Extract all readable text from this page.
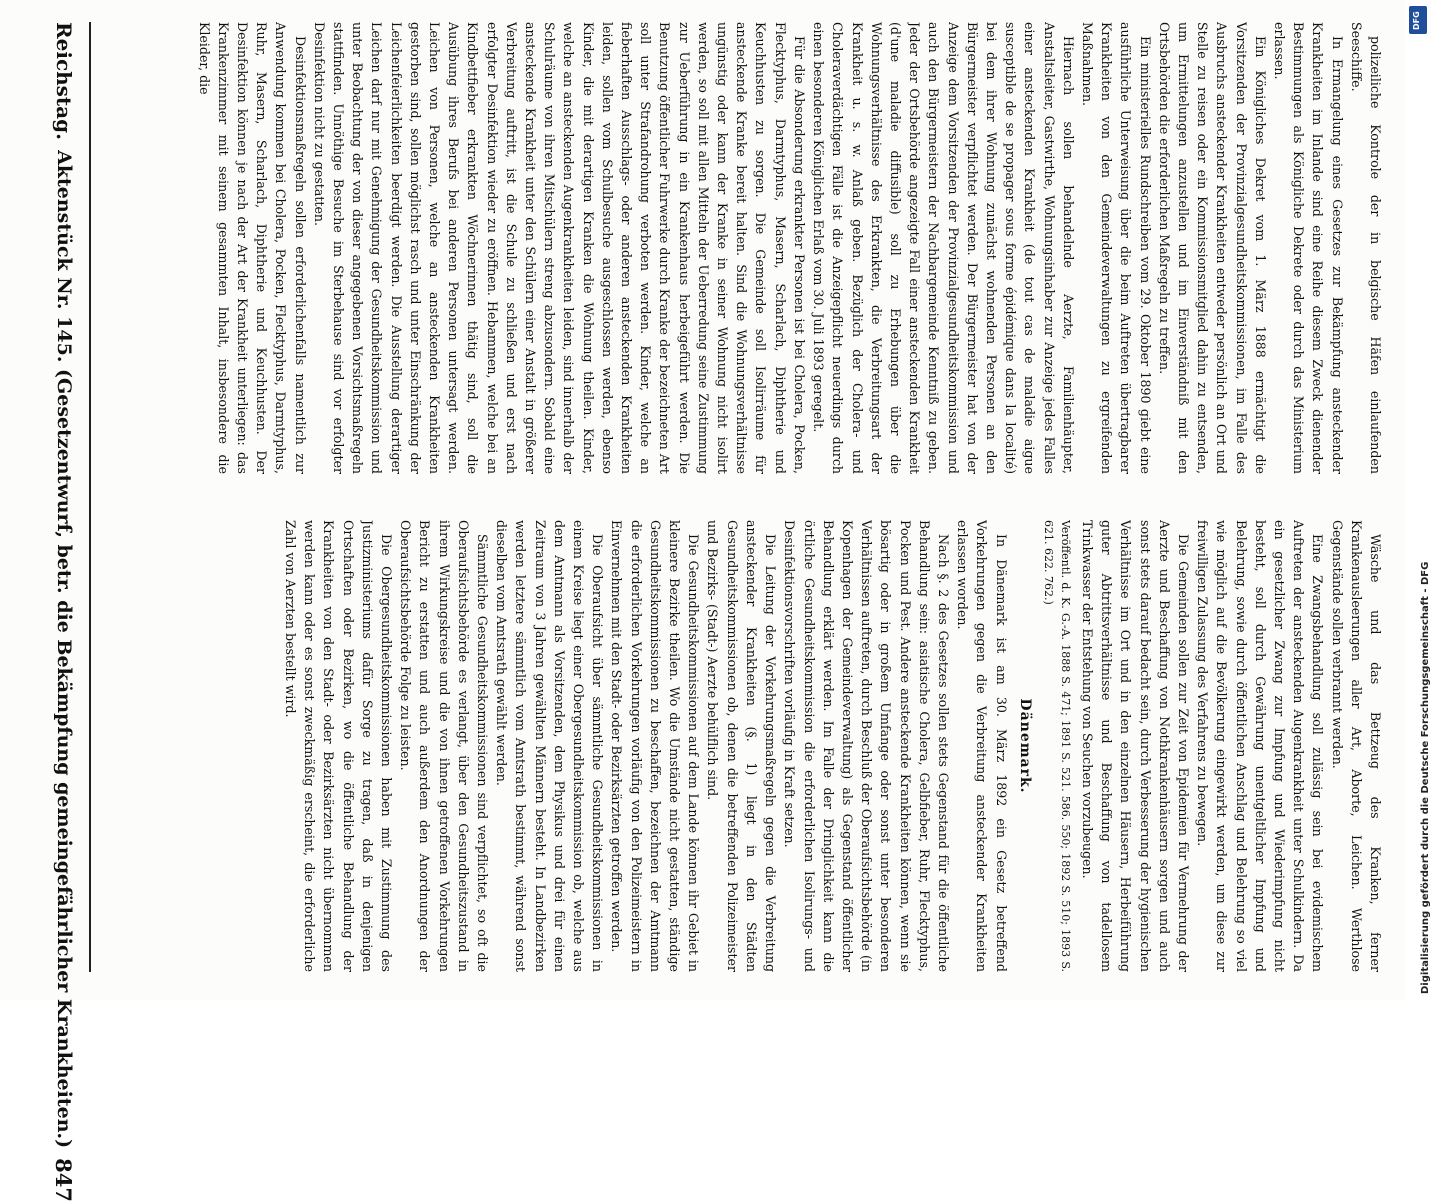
polizeiliche Kontrole der in belgische Häfen einlaufenden Seeschiffe.

In Ermangelung eines Gesetzes zur Bekämpfung ansteckender Krankheiten im Inlande sind eine Reihe diesem Zweck dienender Bestimmungen als Königliche Dekrete oder durch das Ministerium erlassen.

Ein Königliches Dekret vom 1. März 1888 ermächtigt die Vorsitzenden der Provinzialgesundheitskommissionen, im Falle des Ausbruchs ansteckender Krankheiten entweder persönlich an Ort und Stelle zu reisen oder ein Kommissionsmitglied dahin zu entsenden, um Ermittelungen anzustellen und im Einverständniß mit den Ortsbehörden die erforderlichen Maßregeln zu treffen.

Ein ministerielles Rundschreiben vom 29. Oktober 1890 giebt eine ausführliche Unterweisung über die beim Auftreten übertragbarer Krankheiten von den Gemeindeverwaltungen zu ergreifenden Maßnahmen.

Hiernach sollen behandelnde Aerzte, Familienhäupter, Anstaltsleiter, Gastwirthe, Wohnungsinhaber zur Anzeige jedes Falles einer ansteckenden Krankheit (de tout cas de maladie aigue susceptible de se propager sous forme épidémique dans la localité) bei dem ihrer Wohnung zunächst wohnenden Personen an den Bürgermeister verpflichtet werden. Der Bürgermeister hat von der Anzeige dem Vorsitzenden der Provinzialgesundheitskommission und auch den Bürgermeistern der Nachbargemeinde Kenntniß zu geben. Jeder der Ortsbehörde angezeigte Fall einer ansteckenden Krankheit (d'une maladie diffusible) soll zu Erhebungen über die Wohnungsverhältnisse des Erkrankten, die Verbreitungsart der Krankheit u. s. w. Anlaß geben. Bezüglich der Cholera- und Choleraverdächtigen Fälle ist die Anzeigepflicht neuerdings durch einen besonderen Königlichen Erlaß vom 30. Juli 1893 geregelt.

Für die Absonderung erkrankter Personen ist bei Cholera, Pocken, Flecktyphus, Darmtyphus, Masern, Scharlach, Diphtherie und Keuchhusten zu sorgen. Die Gemeinde soll Isolirräume für ansteckende Kranke bereit halten. Sind die Wohnungsverhältnisse ungünstig oder kann der Kranke in seiner Wohnung nicht isolirt werden, so soll mit allen Mitteln der Ueberredung seine Zustimmung zur Ueberführung in ein Krankenhaus herbeigeführt werden. Die Benutzung öffentlicher Fuhrwerke durch Kranke der bezeichneten Art soll unter Strafandrohung verboten werden. Kinder, welche an fieberhaften Ausschlags- oder anderen ansteckenden Krankheiten leiden, sollen vom Schulbesuche ausgeschlossen werden, ebenso Kinder, die mit derartigen Kranken die Wohnung theilen. Kinder, welche an ansteckenden Augenkrankheiten leiden, sind innerhalb der Schulräume von ihren Mitschülern streng abzusondern. Sobald eine ansteckende Krankheit unter den Schülern einer Anstalt in größerer Verbreitung auftritt, ist die Schule zu schließen und erst nach erfolgter Desinfektion wieder zu eröffnen. Hebammen, welche bei an Kindbettfieber erkrankten Wöchnerinnen thätig sind, soll die Ausübung ihres Berufs bei anderen Personen untersagt werden. Leichen von Personen, welche an ansteckenden Krankheiten gestorben sind, sollen möglichst rasch und unter Einschränkung der Leichenfeierlichkeiten beerdigt werden. Die Ausstellung derartiger Leichen darf nur mit Genehmigung der Gesundheitskommission und unter Beobachtung der von dieser angegebenen Vorsichtsmaßregeln stattfinden. Unnöthige Besuche im Sterbehause sind vor erfolgter Desinfektion nicht zu gestatten.

Desinfektionsmaßregeln sollen erforderlichenfalls namentlich zur Anwendung kommen bei Cholera, Pocken, Flecktyphus, Darmtyphus, Ruhr, Masern, Scharlach, Diphtherie und Keuchhusten. Der Desinfektion können je nach der Art der Krankheit unterliegen: das Krankenzimmer mit seinem gesammten Inhalt, insbesondere die Kleider, die

Wäsche und das Bettzeug des Kranken, ferner Krankenausleerungen aller Art, Aborte, Leichen. Werthlose Gegenstände sollen verbrannt werden.

Eine Zwangsbehandlung soll zulässig sein bei evidemischem Auftreten der ansteckenden Augenkrankheit unter Schulkindern. Da ein gesetzlicher Zwang zur Impfung und Wiederimpfung nicht besteht, soll durch Gewährung unentgeltlicher Impfung und Belehrung, sowie durch öffentlichen Anschlag und Belehrung so viel wie möglich auf die Bevölkerung eingewirkt werden, um diese zur freiwilligen Zulassung des Verfahrens zu bewegen.

Die Gemeinden sollen zur Zeit von Epidemien für Vermehrung der Aerzte und Beschaffung von Nothkrankenhäusern sorgen und auch sonst stets darauf bedacht sein, durch Verbesserung der hygienischen Verhältnisse im Ort und in den einzelnen Häusern, Herbeiführung guter Abtrittsverhältnisse und Beschaffung von tadellosem Trinkwasser der Entstehung von Seuchen vorzubeugen.

Veröffentl. d. K. G.-A. 1888 S. 471; 1891 S. 521. 586. 550; 1892 S. 510; 1893 S. 621. 622. 762.)

Dänemark.

In Dänemark ist am 30. März 1892 ein Gesetz betreffend Vorkehrungen gegen die Verbreitung ansteckender Krankheiten erlassen worden.

Nach §. 2 des Gesetzes sollen stets Gegenstand für die öffentliche Behandlung sein: asiatische Cholera, Gelbfieber, Ruhr, Flecktyphus, Pocken und Pest. Andere ansteckende Krankheiten können, wenn sie bösartig oder in großem Umfange oder sonst unter besonderen Verhältnissen auftreten, durch Beschluß der Oberaufsichtsbehörde (in Kopenhagen der Gemeindeverwaltung) als Gegenstand öffentlicher Behandlung erklärt werden. Im Falle der Dringlichkeit kann die örtliche Gesundheitskommission die erforderlichen Isolirungs- und Desinfektionsvorschriften vorläufig in Kraft setzen.

Die Leitung der Vorkehrungsmaßregeln gegen die Verbreitung ansteckender Krankheiten (§. 1) liegt in den Städten Gesundheitskommissionen ob, denen die betreffenden Polizeimeister und Bezirks- (Stadt-) Aerzte behülflich sind.

Die Gesundheitskommissionen auf dem Lande können ihr Gebiet in kleinere Bezirke theilen. Wo die Umstände nicht gestatten, ständige Gesundheitskommissionen zu beschaffen, bezeichnen der Amtmann die erforderlichen Vorkehrungen vorläufig von den Polizeimeistern in Einvernehmen mit den Stadt- oder Bezirksärzten getroffen werden.

Die Oberaufsicht über sämmtliche Gesundheitskommissionen in einem Kreise liegt einer Obergesundheitskommission ob, welche aus dem Amtmann als Vorsitzenden, dem Physikus und drei für einen Zeitraum von 3 Jahren gewählten Männern besteht. In Landbezirken werden letztere sämmtlich vom Amtsrath bestimmt, während sonst dieselben vom Amtsrath gewählt werden.

Sämmtliche Gesundheitskommissionen sind verpflichtet, so oft die Oberaufsichtsbehörde es verlangt, über den Gesundheitszustand in ihrem Wirkungskreise und die von ihnen getroffenen Vorkehrungen Bericht zu erstatten und auch außerdem den Anordnungen der Oberaufsichtsbehörde Folge zu leisten.

Die Obergesundheitskommissionen haben mit Zustimmung des Justizministeriums dafür Sorge zu tragen, daß in denjenigen Ortschaften oder Bezirken, wo die öffentliche Behandlung der Krankheiten von den Stadt- oder Bezirksärzten nicht übernommen werden kann oder es sonst zweckmäßig erscheint, die erforderliche Zahl von Aerzten bestellt wird.

Reichstag.
Aktenstück Nr. 145. (Gesetzentwurf, betr. die Bekämpfung gemeingefährlicher Krankheiten.)
847
DFG
Digitalisierung gefördert durch die Deutsche Forschungsgemeinschaft - DFG
